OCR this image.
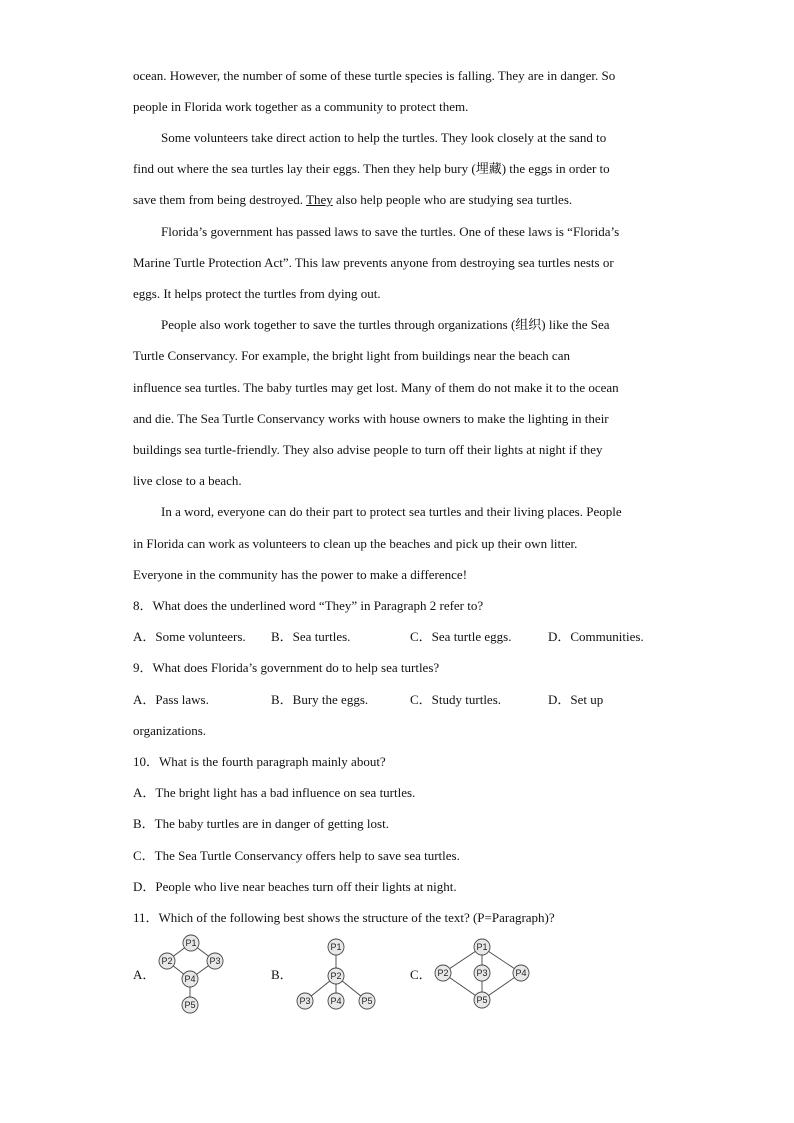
ocean. However, the number of some of these turtle species is falling. They are in danger. So
people in Florida work together as a community to protect them.
Some volunteers take direct action to help the turtles. They look closely at the sand to
find out where the sea turtles lay their eggs. Then they help bury (埋藏) the eggs in order to
save them from being destroyed. They also help people who are studying sea turtles.
Florida’s government has passed laws to save the turtles. One of these laws is “Florida’s
Marine Turtle Protection Act”. This law prevents anyone from destroying sea turtles nests or
eggs. It helps protect the turtles from dying out.
People also work together to save the turtles through organizations (组织) like the Sea
Turtle Conservancy. For example, the bright light from buildings near the beach can
influence sea turtles. The baby turtles may get lost. Many of them do not make it to the ocean
and die. The Sea Turtle Conservancy works with house owners to make the lighting in their
buildings sea turtle-friendly. They also advise people to turn off their lights at night if they
live close to a beach.
In a word, everyone can do their part to protect sea turtles and their living places. People
in Florida can work as volunteers to clean up the beaches and pick up their own litter.
Everyone in the community has the power to make a difference!
8．What does the underlined word “They” in Paragraph 2 refer to?
A．Some volunteers. B．Sea turtles.	C．Sea turtle eggs.	D．Communities.
9．What does Florida’s government do to help sea turtles?
A．Pass laws.	B．Bury the eggs.	C．Study turtles.	D．Set up
organizations.
10．What is the fourth paragraph mainly about?
A．The bright light has a bad influence on sea turtles.
B．The baby turtles are in danger of getting lost.
C．The Sea Turtle Conservancy offers help to save sea turtles.
D．People who live near beaches turn off their lights at night.
11．Which of the following best shows the structure of the text? (P=Paragraph)?
A．
P1
P2	P3
P4
P5
B．
P1
P2
P3 P4 P5
C．
P1
P2	P3	P4
P5
